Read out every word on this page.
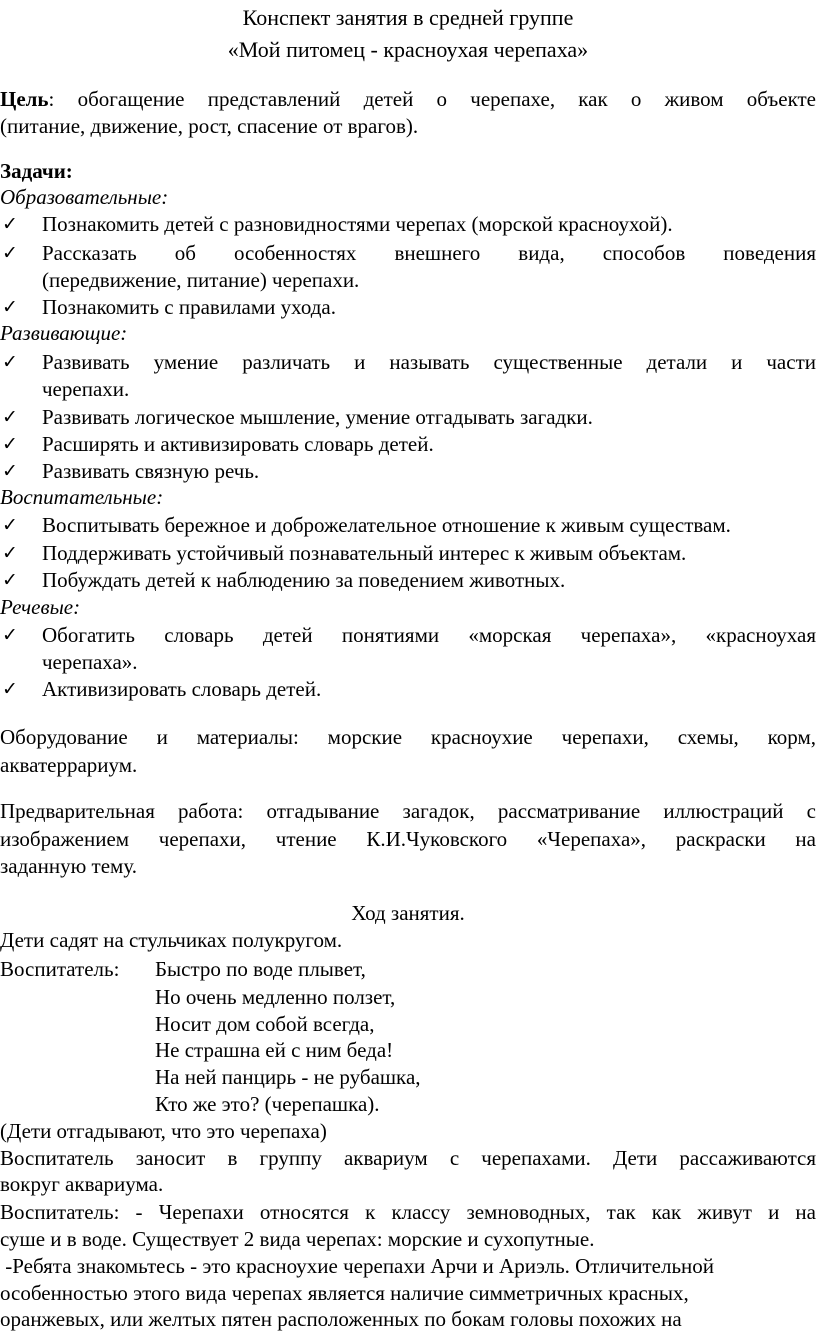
Конспект занятия в средней группе
«Мой питомец - красноухая черепаха»
Цель: обогащение представлений детей о черепахе, как о живом объекте
(питание, движение, рост, спасение от врагов).
Задачи:
Образовательные:
✓ Познакомить детей с разновидностями черепах (морской красноухой).
✓ Рассказать об особенностях внешнего вида, способов поведения
(передвижение, питание) черепахи.
✓ Познакомить с правилами ухода.
Развивающие:
✓ Развивать умение различать и называть существенные детали и части
черепахи.
✓ Развивать логическое мышление, умение отгадывать загадки.
✓ Расширять и активизировать словарь детей.
✓ Развивать связную речь.
Воспитательные:
✓ Воспитывать бережное и доброжелательное отношение к живым существам.
✓ Поддерживать устойчивый познавательный интерес к живым объектам.
✓ Побуждать детей к наблюдению за поведением животных.
Речевые:
✓ Обогатить словарь детей понятиями «морская черепаха», «красноухая
черепаха».
✓ Активизировать словарь детей.
Оборудование и материалы: морские красноухие черепахи, схемы, корм,
акватеррариум.
Предварительная работа: отгадывание загадок, рассматривание иллюстраций с
изображением черепахи, чтение К.И.Чуковского «Черепаха», раскраски на
заданную тему.
Ход занятия.
Дети садят на стульчиках полукругом.
Воспитатель:	Быстро по воде плывет,
Но очень медленно ползет,
Носит дом собой всегда,
Не страшна ей с ним беда!
На ней панцирь - не рубашка,
Кто же это? (черепашка).
(Дети отгадывают, что это черепаха)
Воспитатель заносит в группу аквариум с черепахами. Дети рассаживаются
вокруг аквариума.
Воспитатель: - Черепахи относятся к классу земноводных, так как живут и на
суше и в воде. Существует 2 вида черепах: морские и сухопутные.
-Ребята знакомьтесь - это красноухие черепахи Арчи и Ариэль. Отличительной
особенностью этого вида черепах является наличие симметричных красных,
оранжевых, или желтых пятен расположенных по бокам головы похожих на
